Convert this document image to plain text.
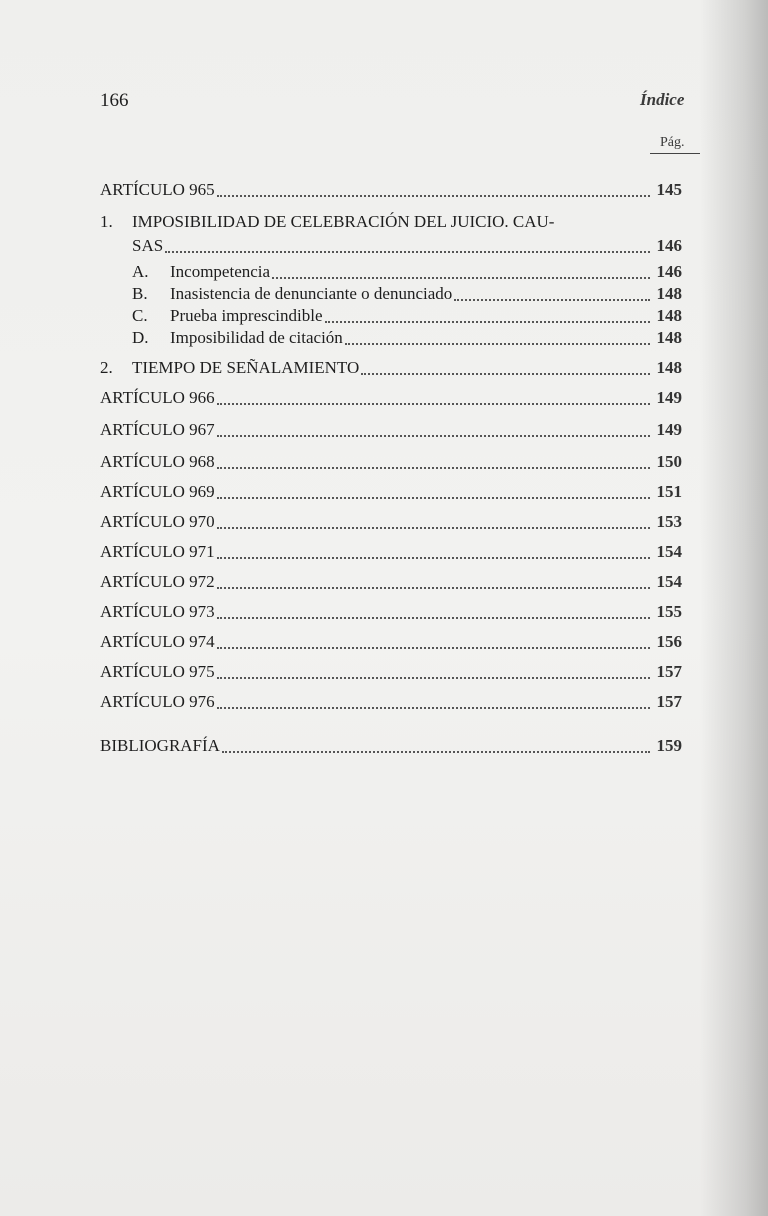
166	Índice
Pág.
ARTÍCULO 965	145
1. IMPOSIBILIDAD DE CELEBRACIÓN DEL JUICIO. CAU-
SAS	146
A. Incompetencia	146
B. Inasistencia de denunciante o denunciado	148
C. Prueba imprescindible	148
D. Imposibilidad de citación	148
2. TIEMPO DE SEÑALAMIENTO	148
ARTÍCULO 966	149
ARTÍCULO 967	149
ARTÍCULO 968	150
ARTÍCULO 969	151
ARTÍCULO 970	153
ARTÍCULO 971	154
ARTÍCULO 972	154
ARTÍCULO 973	155
ARTÍCULO 974	156
ARTÍCULO 975	157
ARTÍCULO 976	157
BIBLIOGRAFÍA	159
